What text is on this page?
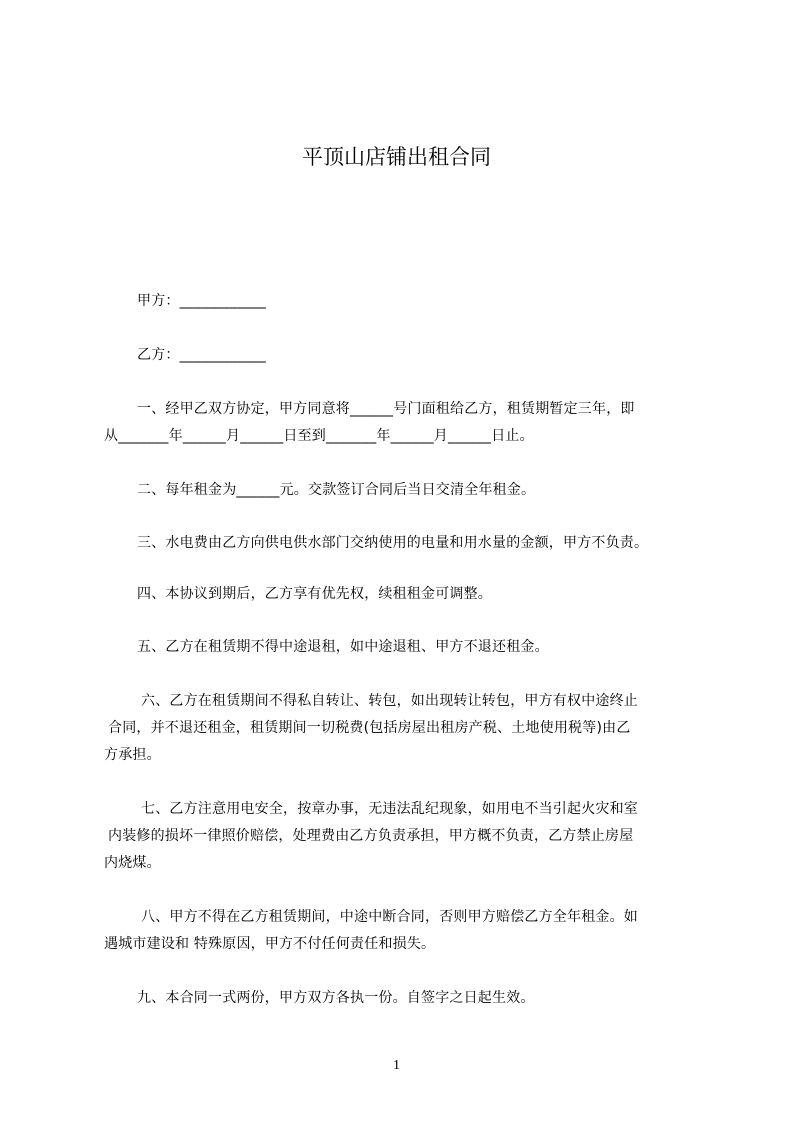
平顶山店铺出租合同
甲方：____________
乙方：____________
一、经甲乙双方协定，甲方同意将______号门面租给乙方，租赁期暂定三年，即
从_______年______月______日至到_______年______月______日止。
二、每年租金为______元。交款签订合同后当日交清全年租金。
三、水电费由乙方向供电供水部门交纳使用的电量和用水量的金额，甲方不负责。
四、本协议到期后，乙方享有优先权，续租租金可调整。
五、乙方在租赁期不得中途退租，如中途退租、甲方不退还租金。
六、乙方在租赁期间不得私自转让、转包，如出现转让转包，甲方有权中途终止
合同，并不退还租金，租赁期间一切税费(包括房屋出租房产税、土地使用税等)由乙
方承担。
七、乙方注意用电安全，按章办事，无违法乱纪现象，如用电不当引起火灾和室
内装修的损坏一律照价赔偿，处理费由乙方负责承担，甲方概不负责，乙方禁止房屋
内烧煤。
八、甲方不得在乙方租赁期间，中途中断合同，否则甲方赔偿乙方全年租金。如
遇城市建设和 特殊原因，甲方不付任何责任和损失。
九、本合同一式两份，甲方双方各执一份。自签字之日起生效。
1
